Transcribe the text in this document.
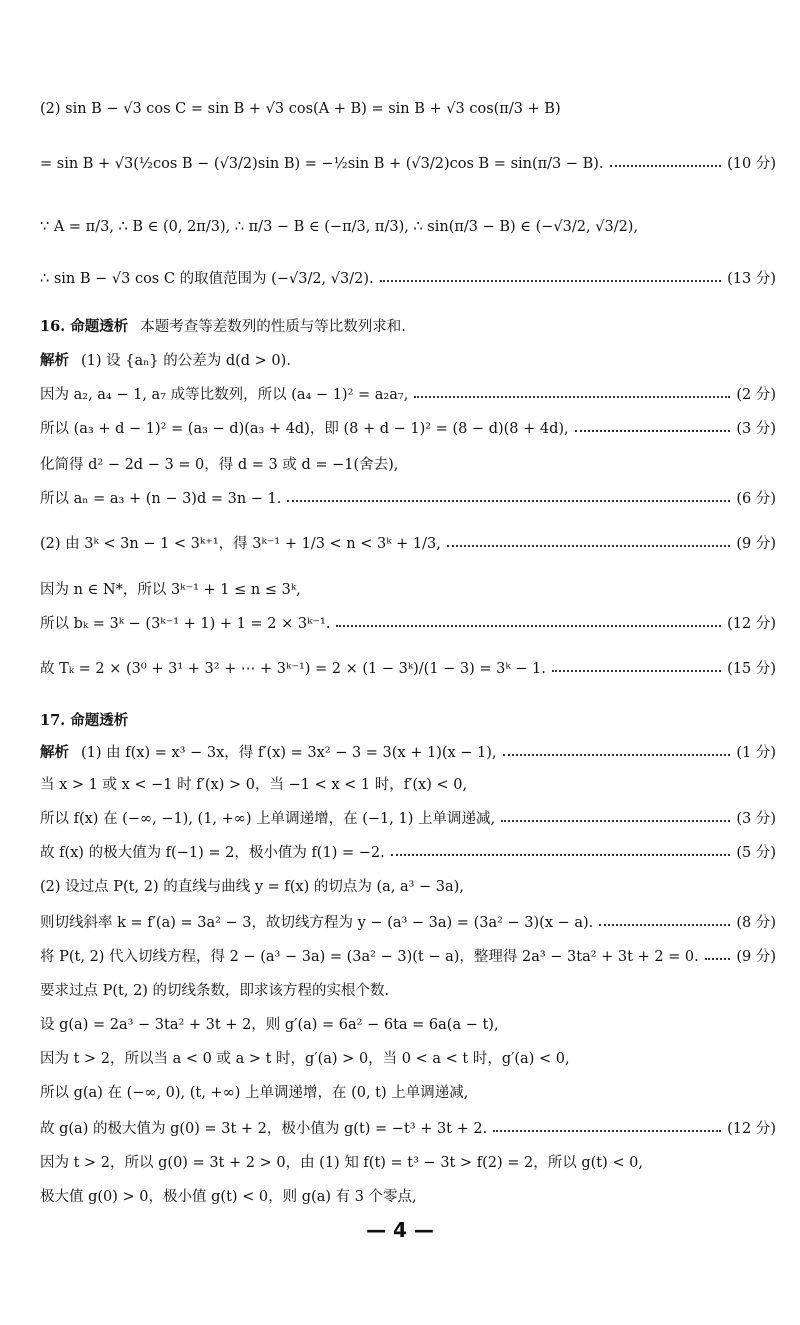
(2) sin B − √3 cos C = sin B + √3 cos(A + B) = sin B + √3 cos(π/3 + B)
= sin B + √3(½cos B − (√3/2)sin B) = −½sin B + (√3/2)cos B = sin(π/3 − B).	(10 分)
∵ A = π/3, ∴ B ∈ (0, 2π/3), ∴ π/3 − B ∈ (−π/3, π/3), ∴ sin(π/3 − B) ∈ (−√3/2, √3/2),
∴ sin B − √3 cos C 的取值范围为 (−√3/2, √3/2).	(13 分)
16. 命题透析 本题考查等差数列的性质与等比数列求和.
解析 (1) 设 {aₙ} 的公差为 d(d > 0).
因为 a₂, a₄ − 1, a₇ 成等比数列，所以 (a₄ − 1)² = a₂a₇,	(2 分)
所以 (a₃ + d − 1)² = (a₃ − d)(a₃ + 4d)，即 (8 + d − 1)² = (8 − d)(8 + 4d),	(3 分)
化简得 d² − 2d − 3 = 0，得 d = 3 或 d = −1(舍去),
所以 aₙ = a₃ + (n − 3)d = 3n − 1.	(6 分)
(2) 由 3ᵏ < 3n − 1 < 3ᵏ⁺¹，得 3ᵏ⁻¹ + 1/3 < n < 3ᵏ + 1/3,	(9 分)
因为 n ∈ N*，所以 3ᵏ⁻¹ + 1 ≤ n ≤ 3ᵏ,
所以 bₖ = 3ᵏ − (3ᵏ⁻¹ + 1) + 1 = 2 × 3ᵏ⁻¹.	(12 分)
故 Tₖ = 2 × (3⁰ + 3¹ + 3² + ⋯ + 3ᵏ⁻¹) = 2 × (1 − 3ᵏ)/(1 − 3) = 3ᵏ − 1.	(15 分)
17. 命题透析
解析 (1) 由 f(x) = x³ − 3x，得 f′(x) = 3x² − 3 = 3(x + 1)(x − 1),	(1 分)
当 x > 1 或 x < −1 时 f′(x) > 0，当 −1 < x < 1 时，f′(x) < 0,
所以 f(x) 在 (−∞, −1), (1, +∞) 上单调递增，在 (−1, 1) 上单调递减,	(3 分)
故 f(x) 的极大值为 f(−1) = 2，极小值为 f(1) = −2.	(5 分)
(2) 设过点 P(t, 2) 的直线与曲线 y = f(x) 的切点为 (a, a³ − 3a),
则切线斜率 k = f′(a) = 3a² − 3，故切线方程为 y − (a³ − 3a) = (3a² − 3)(x − a).	(8 分)
将 P(t, 2) 代入切线方程，得 2 − (a³ − 3a) = (3a² − 3)(t − a)，整理得 2a³ − 3ta² + 3t + 2 = 0.	(9 分)
要求过点 P(t, 2) 的切线条数，即求该方程的实根个数.
设 g(a) = 2a³ − 3ta² + 3t + 2，则 g′(a) = 6a² − 6ta = 6a(a − t),
因为 t > 2，所以当 a < 0 或 a > t 时，g′(a) > 0，当 0 < a < t 时，g′(a) < 0,
所以 g(a) 在 (−∞, 0), (t, +∞) 上单调递增，在 (0, t) 上单调递减,
故 g(a) 的极大值为 g(0) = 3t + 2，极小值为 g(t) = −t³ + 3t + 2.	(12 分)
因为 t > 2，所以 g(0) = 3t + 2 > 0，由 (1) 知 f(t) = t³ − 3t > f(2) = 2，所以 g(t) < 0,
极大值 g(0) > 0，极小值 g(t) < 0，则 g(a) 有 3 个零点,
— 4 —
